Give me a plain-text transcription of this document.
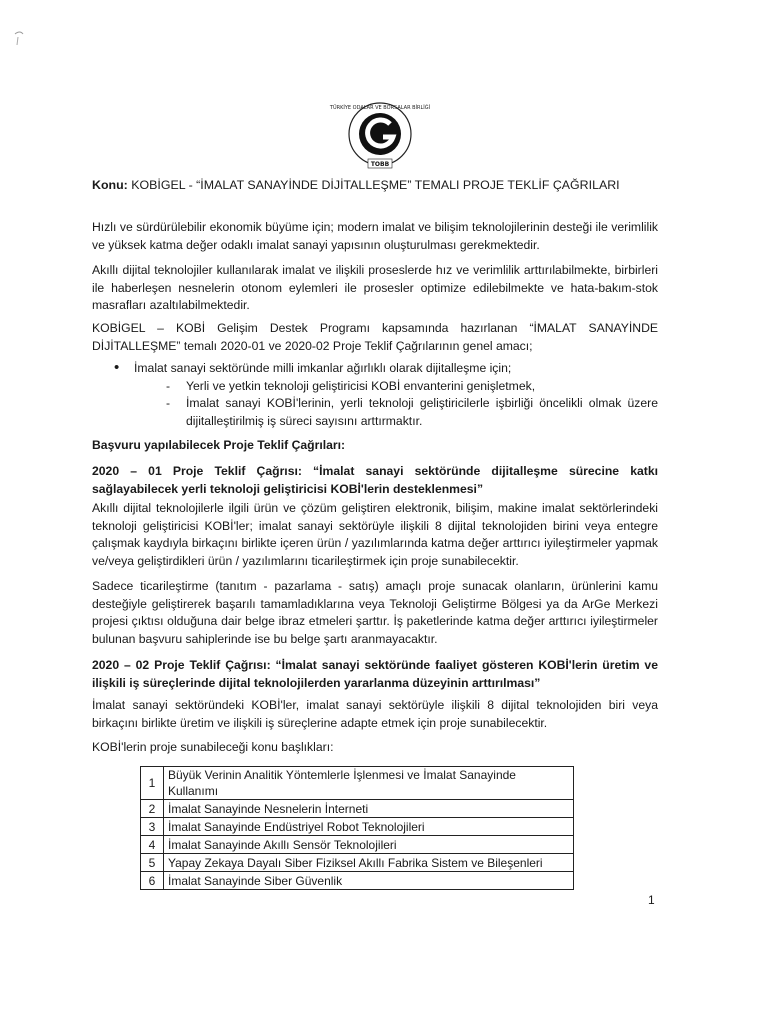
TÜRKİYE ODALAR VE BORSALAR BİRLİĞİ
TOBB

Konu: KOBİGEL - “İMALAT SANAYİNDE DİJİTALLEŞME” TEMALI PROJE TEKLİF ÇAĞRILARI

Hızlı ve sürdürülebilir ekonomik büyüme için; modern imalat ve bilişim teknolojilerinin desteği ile verimlilik ve yüksek katma değer odaklı imalat sanayi yapısının oluşturulması gerekmektedir.

Akıllı dijital teknolojiler kullanılarak imalat ve ilişkili proseslerde hız ve verimlilik arttırılabilmekte, birbirleri ile haberleşen nesnelerin otonom eylemleri ile prosesler optimize edilebilmekte ve hata-bakım-stok masrafları azaltılabilmektedir.

KOBİGEL – KOBİ Gelişim Destek Programı kapsamında hazırlanan “İMALAT SANAYİNDE DİJİTALLEŞME” temalı 2020-01 ve 2020-02 Proje Teklif Çağrılarının genel amacı;

• İmalat sanayi sektöründe milli imkanlar ağırlıklı olarak dijitalleşme için;
- Yerli ve yetkin teknoloji geliştiricisi KOBİ envanterini genişletmek,
- İmalat sanayi KOBİ'lerinin, yerli teknoloji geliştiricilerle işbirliği öncelikli olmak üzere dijitalleştirilmiş iş süreci sayısını arttırmaktır.

Başvuru yapılabilecek Proje Teklif Çağrıları:

2020 – 01 Proje Teklif Çağrısı: “İmalat sanayi sektöründe dijitalleşme sürecine katkı sağlayabilecek yerli teknoloji geliştiricisi KOBİ'lerin desteklenmesi”

Akıllı dijital teknolojilerle ilgili ürün ve çözüm geliştiren elektronik, bilişim, makine imalat sektörlerindeki teknoloji geliştiricisi KOBİ'ler; imalat sanayi sektörüyle ilişkili 8 dijital teknolojiden birini veya entegre çalışmak kaydıyla birkaçını birlikte içeren ürün / yazılımlarında katma değer arttırıcı iyileştirmeler yapmak ve/veya geliştirdikleri ürün / yazılımlarını ticarileştirmek için proje sunabilecektir.

Sadece ticarileştirme (tanıtım - pazarlama - satış) amaçlı proje sunacak olanların, ürünlerini kamu desteğiyle geliştirerek başarılı tamamladıklarına veya Teknoloji Geliştirme Bölgesi ya da ArGe Merkezi projesi çıktısı olduğuna dair belge ibraz etmeleri şarttır. İş paketlerinde katma değer arttırıcı iyileştirmeler bulunan başvuru sahiplerinde ise bu belge şartı aranmayacaktır.

2020 – 02 Proje Teklif Çağrısı: “İmalat sanayi sektöründe faaliyet gösteren KOBİ'lerin üretim ve ilişkili iş süreçlerinde dijital teknolojilerden yararlanma düzeyinin arttırılması”

İmalat sanayi sektöründeki KOBİ'ler, imalat sanayi sektörüyle ilişkili 8 dijital teknolojiden biri veya birkaçını birlikte üretim ve ilişkili iş süreçlerine adapte etmek için proje sunabilecektir.

KOBİ'lerin proje sunabileceği konu başlıkları:

1	Büyük Verinin Analitik Yöntemlerle İşlenmesi ve İmalat Sanayinde Kullanımı
2	İmalat Sanayinde Nesnelerin İnterneti
3	İmalat Sanayinde Endüstriyel Robot Teknolojileri
4	İmalat Sanayinde Akıllı Sensör Teknolojileri
5	Yapay Zekaya Dayalı Siber Fiziksel Akıllı Fabrika Sistem ve Bileşenleri
6	İmalat Sanayinde Siber Güvenlik
1
